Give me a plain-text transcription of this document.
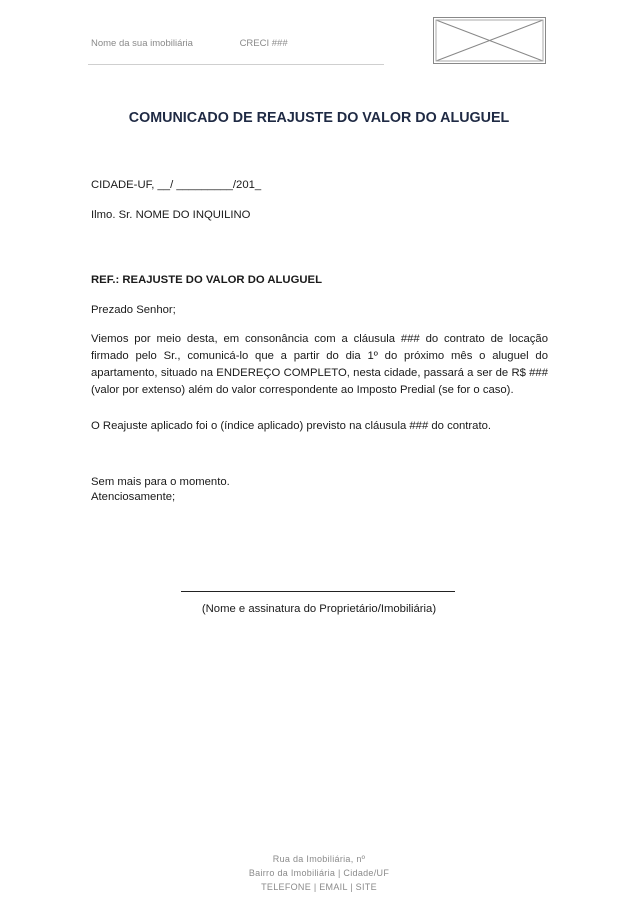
Nome da sua imobiliária	CRECI ###
COMUNICADO DE REAJUSTE DO VALOR DO ALUGUEL
CIDADE-UF, __/ _________/201_
Ilmo. Sr. NOME DO INQUILINO
REF.: REAJUSTE DO VALOR DO ALUGUEL
Prezado Senhor;
Viemos por meio desta, em consonância com a cláusula ### do contrato de locação firmado pelo Sr., comunicá-lo que a partir do dia 1º do próximo mês o aluguel do apartamento, situado na ENDEREÇO COMPLETO, nesta cidade, passará a ser de R$ ### (valor por extenso) além do valor correspondente ao Imposto Predial (se for o caso).
O Reajuste aplicado foi o (índice aplicado) previsto na cláusula ### do contrato.
Sem mais para o momento.
Atenciosamente;
(Nome e assinatura do Proprietário/Imobiliária)
Rua da Imobiliária, nº
Bairro da Imobiliária | Cidade/UF
TELEFONE | EMAIL | SITE
